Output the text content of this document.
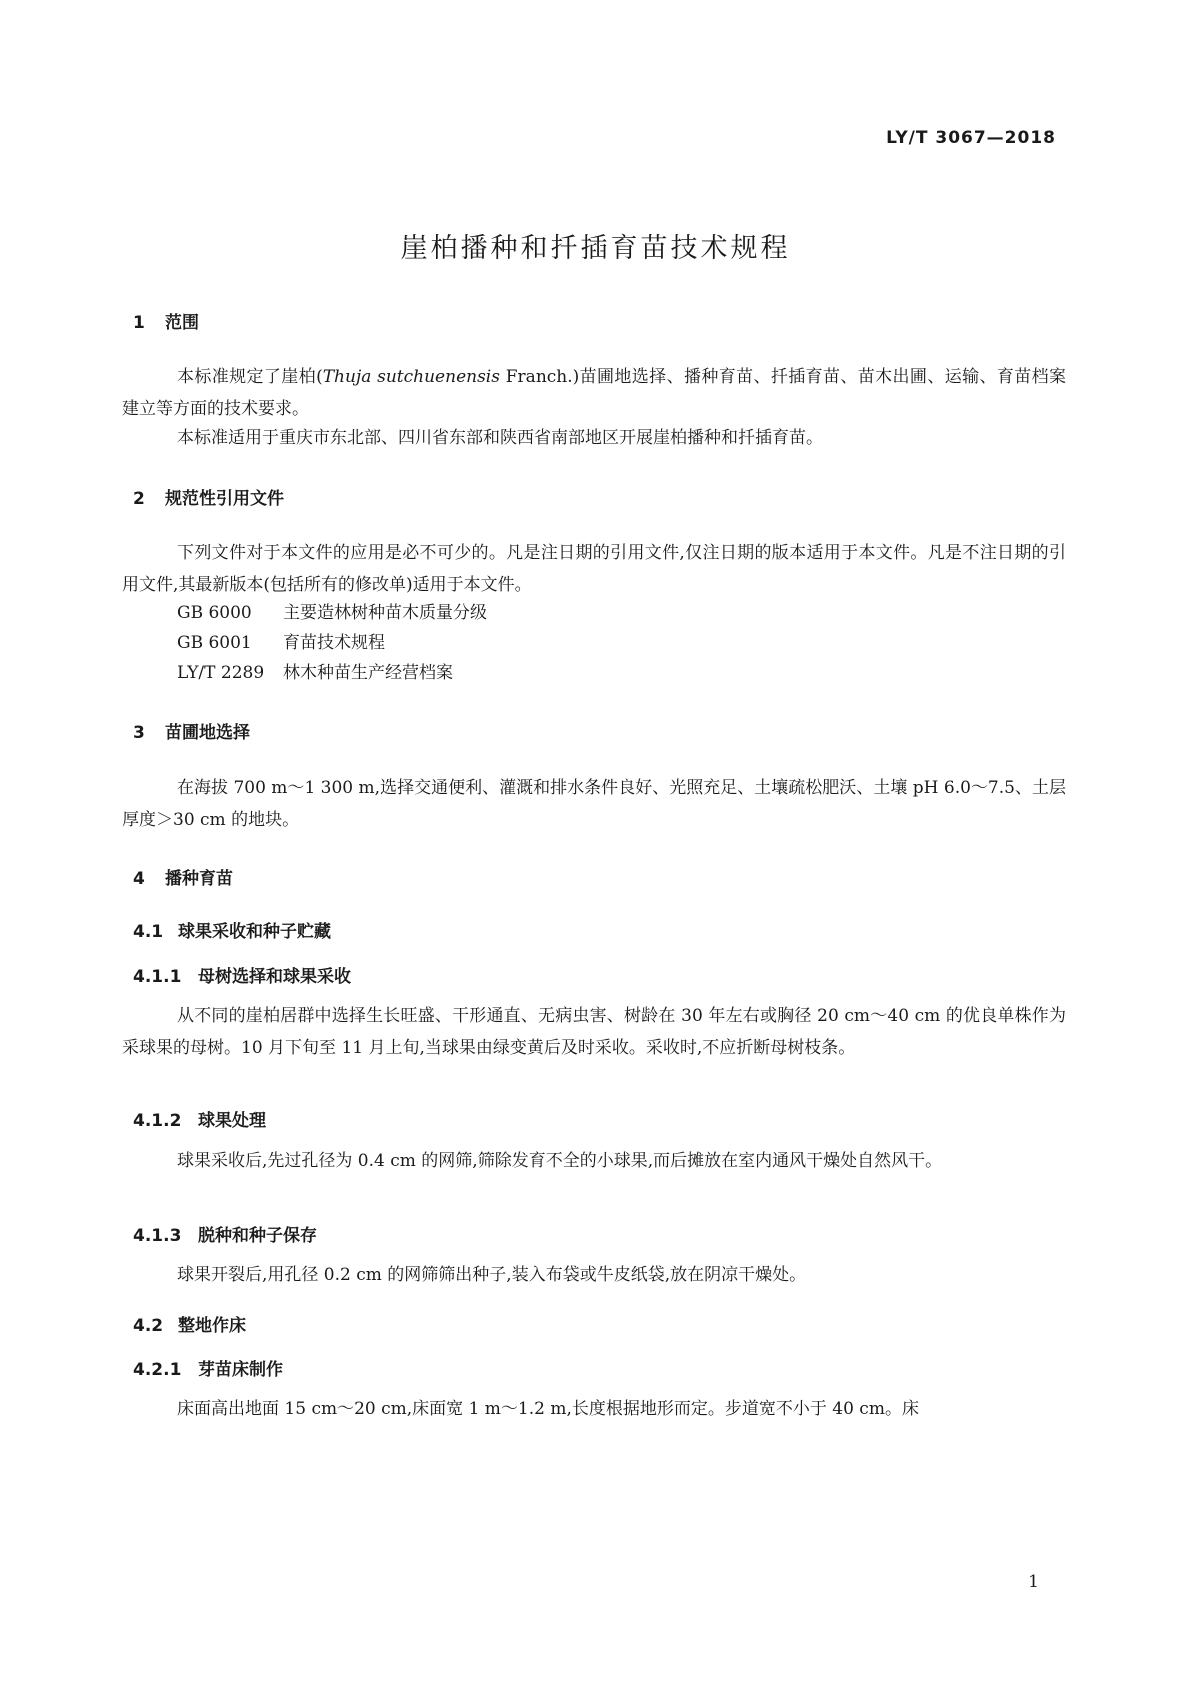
LY/T 3067—2018
崖柏播种和扦插育苗技术规程
1 范围
本标准规定了崖柏(Thuja sutchuenensis Franch.)苗圃地选择、播种育苗、扦插育苗、苗木出圃、运输、育苗档案建立等方面的技术要求。
本标准适用于重庆市东北部、四川省东部和陕西省南部地区开展崖柏播种和扦插育苗。
2 规范性引用文件
下列文件对于本文件的应用是必不可少的。凡是注日期的引用文件,仅注日期的版本适用于本文件。凡是不注日期的引用文件,其最新版本(包括所有的修改单)适用于本文件。
GB 6000 主要造林树种苗木质量分级
GB 6001 育苗技术规程
LY/T 2289 林木种苗生产经营档案
3 苗圃地选择
在海拔 700 m～1 300 m,选择交通便利、灌溉和排水条件良好、光照充足、土壤疏松肥沃、土壤 pH 6.0～7.5、土层厚度＞30 cm 的地块。
4 播种育苗
4.1 球果采收和种子贮藏
4.1.1 母树选择和球果采收
从不同的崖柏居群中选择生长旺盛、干形通直、无病虫害、树龄在 30 年左右或胸径 20 cm～40 cm 的优良单株作为采球果的母树。10 月下旬至 11 月上旬,当球果由绿变黄后及时采收。采收时,不应折断母树枝条。
4.1.2 球果处理
球果采收后,先过孔径为 0.4 cm 的网筛,筛除发育不全的小球果,而后摊放在室内通风干燥处自然风干。
4.1.3 脱种和种子保存
球果开裂后,用孔径 0.2 cm 的网筛筛出种子,装入布袋或牛皮纸袋,放在阴凉干燥处。
4.2 整地作床
4.2.1 芽苗床制作
床面高出地面 15 cm～20 cm,床面宽 1 m～1.2 m,长度根据地形而定。步道宽不小于 40 cm。床
1
